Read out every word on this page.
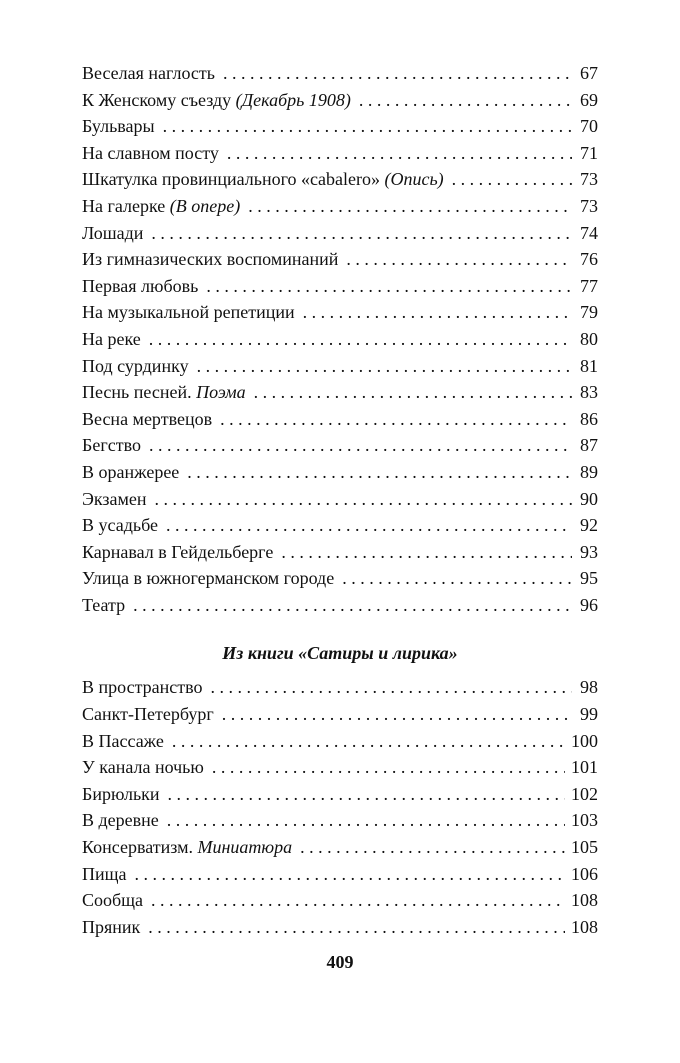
Веселая наглость . . .	67
К Женскому съезду (Декабрь 1908) . . .	69
Бульвары . . .	70
На славном посту . . .	71
Шкатулка провинциального «cabalero» (Опись) . . .	73
На галерке (В опере) . . .	73
Лошади . . .	74
Из гимназических воспоминаний . . .	76
Первая любовь . . .	77
На музыкальной репетиции . . .	79
На реке . . .	80
Под сурдинку . . .	81
Песнь песней. Поэма . . .	83
Весна мертвецов . . .	86
Бегство . . .	87
В оранжерее . . .	89
Экзамен . . .	90
В усадьбе . . .	92
Карнавал в Гейдельберге . . .	93
Улица в южногерманском городе . . .	95
Театр . . .	96
Из книги «Сатиры и лирика»
В пространство . . .	98
Санкт-Петербург . . .	99
В Пассаже . . .	100
У канала ночью . . .	101
Бирюльки . . .	102
В деревне . . .	103
Консерватизм. Миниатюра . . .	105
Пища . . .	106
Сообща . . .	108
Пряник . . .	108
409
